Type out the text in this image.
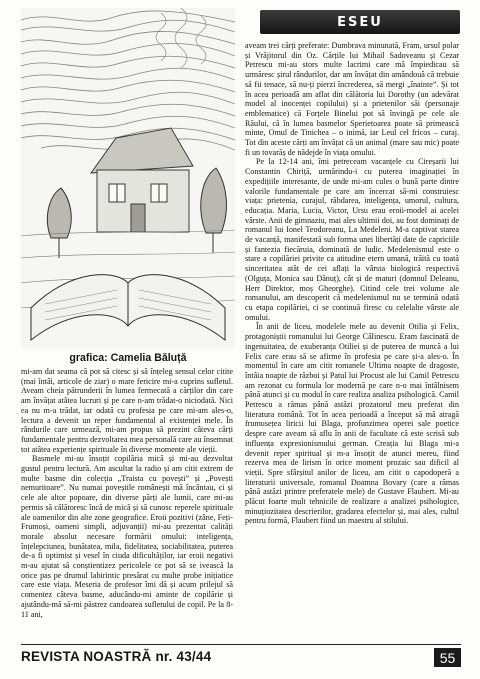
grafica: Camelia Băluță

mi-am dat seama că pot să citesc și să înțeleg sensul celor citite (mai întâi, articole de ziar) o mare fericire mi-a cuprins sufletul. Aveam cheia pătrunderii în lumea fermecată a cărților din care am învățat atâtea lucruri și pe care n-am trădat-o niciodată. Nici ea nu m-a trădat, iar odată cu profesia pe care mi-am ales-o, lectura a devenit un reper fundamental al existenței mele. În rândurile care urmează, mi-am propus să prezint câteva cărți fundamentale pentru dezvoltarea mea personală care au însemnat tot atâtea experiențe spirituale în diverse momente ale vieții.

Basmele mi-au însoțit copilăria mică și mi-au dezvoltat gustul pentru lectură. Am ascultat la radio și am citit extrem de multe basme din colecția „Traista cu povești” și „Povești nemuritoare”. Nu numai poveștile românești mă încântau, ci și cele ale altor popoare, din diverse părți ale lumii, care mi-au permis să călătoresc încă de mică și să cunosc reperele spirituale ale oamenilor din alte zone geografice. Eroii pozitivi (zâne, Feți-Frumoși, oameni simpli, adjuvanții) mi-au prezentat calități morale absolut necesare formării omului: inteligența, înțelepciunea, bunătatea, mila, fidelitatea, sociabilitatea, puterea de-a fi optimist și vesel în ciuda dificultăților, iar eroii negativi m-au ajutat să conștientizez pericolele ce pot să se ivească la orice pas pe drumul labirintic presărat cu multe probe inițiatice care este viața. Meseria de profesor îmi dă și acum prilejul să comentez câteva basme, aducându-mi aminte de copilărie și ajutându-mă să-mi păstrez candoarea sufletului de copil. Pe la 8-11 ani,

ESEU

aveam trei cărți preferate: Dumbrava minunată, Fram, ursul polar și Vrăjitorul din Oz. Cărțile lui Mihail Sadoveanu și Cezar Petrescu mi-au stors multe lacrimi care mă împiedicau să urmăresc șirul rândurilor, dar am învățat din amândouă că trebuie să fii tenace, să nu-ți pierzi încrederea, să mergi „înainte”. Și tot în acea perioadă am aflat din călătoria lui Dorothy (un adevărat model al inocenței copilului) și a prietenilor săi (personaje emblematice) că Forțele Binelui pot să învingă pe cele ale Răului, că în lumea basmelor Sperietoarea poate să primească minte, Omul de Tinichea – o inimă, iar Leul cel fricos – curaj. Tot din aceste cărți am învățat că un animal (mare sau mic) poate fi un tovarăș de nădejde în viața omului.

Pe la 12-14 ani, îmi petreceam vacanțele cu Cireșarii lui Constantin Chiriță, urmărindu-i cu puterea imaginației în expedițiile interesante, de unde mi-am cules o bună parte dintre valorile fundamentale pe care am încercat să-mi construiesc viața: prietenia, curajul, răbdarea, inteligența, umorul, cultura, educația. Maria, Lucia, Victor, Ursu erau eroii-model ai acelei vârste. Anii de gimnaziu, mai ales ultimii doi, au fost dominați de romanul lui Ionel Teodoreanu, La Medeleni. M-a captivat starea de vacanță, manifestată sub forma unei libertăți date de capriciile și fantezia fiecăruia, dominată de ludic. Medelenismul este o stare a copilăriei privite ca atitudine etern umană, trăită cu toată sinceritatea atât de cei aflați la vârsta biologică respectivă (Olguța, Monica sau Dănuț), cât și de maturi (domnul Deleanu, Herr Direktor, moș Gheorghe). Citind cele trei volume ale romanului, am descoperit că medelenismul nu se termină odată cu etapa copilăriei, ci se continuă firesc cu celelalte vârste ale omului.

În anii de liceu, modelele mele au devenit Otilia și Felix, protagoniștii romanului lui George Călinescu. Eram fascinată de ingenuitatea, de exuberanța Otiliei și de puterea de muncă a lui Felix care erau să se afirme în profesia pe care și-a ales-o. În momentul în care am citit romanele Ultima noapte de dragoste, întâia noapte de război și Patul lui Procust ale lui Camil Petrescu am rezonat cu formula lor modernă pe care n-o mai întâlnisem până atunci și cu modul în care realiza analiza psihologică. Camil Petrescu a rămas până astăzi prozatorul meu preferat din literatura română. Tot în acea perioadă a început să mă atragă frumusețea liricii lui Blaga, profunzimea operei sale poetice despre care aveam să aflu în anii de facultate că este scrisă sub influența expresionismului german. Creația lui Blaga mi-a devenit reper spiritual și m-a însoțit de atunci mereu, fiind rezerva mea de lirism în orice moment prozaic sau dificil al vieții. Spre sfârșitul anilor de liceu, am citit o capodoperă a literaturii universale, romanul Doamna Bovary (care a rămas până astăzi printre preferatele mele) de Gustave Flaubert. Mi-au plăcut foarte mult tehnicile de realizare a analizei psihologice, minuțiozitatea descrierilor, gradarea efectelor și, mai ales, cultul pentru formă, Flaubert fiind un maestru al stilului.

REVISTA NOASTRĂ nr. 43/44	55
